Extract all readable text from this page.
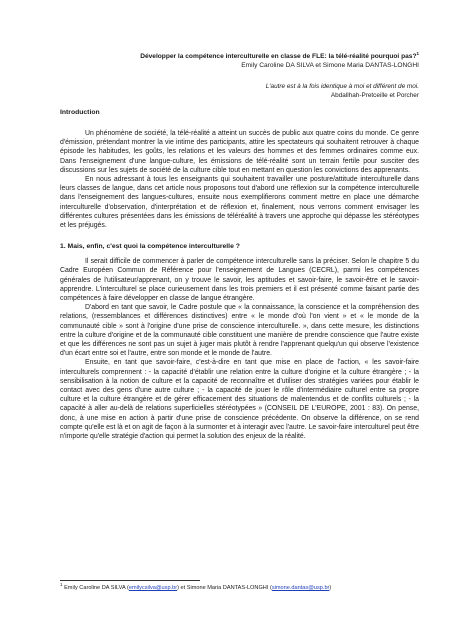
Développer la compétence interculturelle en classe de FLE: la télé-réalité pourquoi pas?$^1$
Emily Caroline DA SILVA et Simone Maria DANTAS-LONGHI
L'autre est à la fois identique à moi et différent de moi.
Abdallhah-Pretceille et Porcher
Introduction

Un phénomène de société, la télé-réalité a atteint un succès de public aux quatre coins du monde. Ce genre d'émission, prétendant montrer la vie intime des participants, attire les spectateurs qui souhaitent retrouver à chaque épisode les habitudes, les goûts, les relations et les valeurs des hommes et des femmes ordinaires comme eux. Dans l'enseignement d'une langue-culture, les émissions de télé-réalité sont un terrain fertile pour susciter des discussions sur les sujets de société de la culture cible tout en mettant en question les convictions des apprenants.

En nous adressant à tous les enseignants qui souhaitent travailler une posture/attitude interculturelle dans leurs classes de langue, dans cet article nous proposons tout d'abord une réflexion sur la compétence interculturelle dans l'enseignement des langues-cultures, ensuite nous exemplifierons comment mettre en place une démarche interculturelle d'observation, d'interprétation et de réflexion et, finalement, nous verrons comment envisager les différentes cultures présentées dans les émissions de téléréalité à travers une approche qui dépasse les stéréotypes et les préjugés.

1. Mais, enfin, c'est quoi la compétence interculturelle ?

Il serait difficile de commencer à parler de compétence interculturelle sans la préciser. Selon le chapitre 5 du Cadre Européen Commun de Référence pour l'enseignement de Langues (CECRL), parmi les compétences générales de l'utilisateur/apprenant, on y trouve le savoir, les aptitudes et savoir-faire, le savoir-être et le savoir-apprendre. L'interculturel se place curieusement dans les trois premiers et il est présenté comme faisant partie des compétences à faire développer en classe de langue étrangère.

D'abord en tant que savoir, le Cadre postule que « la connaissance, la conscience et la compréhension des relations, (ressemblances et différences distinctives) entre « le monde d'où l'on vient » et « le monde de la communauté cible » sont à l'origine d'une prise de conscience interculturelle. », dans cette mesure, les distinctions entre la culture d'origine et de la communauté cible constituent une manière de prendre conscience que l'autre existe et que les différences ne sont pas un sujet à juger mais plutôt à rendre l'apprenant quelqu'un qui observe l'existence d'un écart entre soi et l'autre, entre son monde et le monde de l'autre.

Ensuite, en tant que savoir-faire, c'est-à-dire en tant que mise en place de l'action, « les savoir-faire interculturels comprennent : - la capacité d'établir une relation entre la culture d'origine et la culture étrangère ; - la sensibilisation à la notion de culture et la capacité de reconnaître et d'utiliser des stratégies variées pour établir le contact avec des gens d'une autre culture ; - la capacité de jouer le rôle d'intermédiaire culturel entre sa propre culture et la culture étrangère et de gérer efficacement des situations de malentendus et de conflits culturels ; - la capacité à aller au-delà de relations superficielles stéréotypées » (CONSEIL DE L'EUROPE, 2001 : 83). On pense, donc, à une mise en action à partir d'une prise de conscience précédente. On observe la différence, on se rend compte qu'elle est là et on agit de façon à la surmonter et à interagir avec l'autre. Le savoir-faire interculturel peut être n'importe qu'elle stratégie d'action qui permet la solution des enjeux de la réalité.

$^1$ Emily Caroline DA SILVA (emilycsilva@usp.br) et Simone Maria DANTAS-LONGHI (simone.dantas@usp.br)
